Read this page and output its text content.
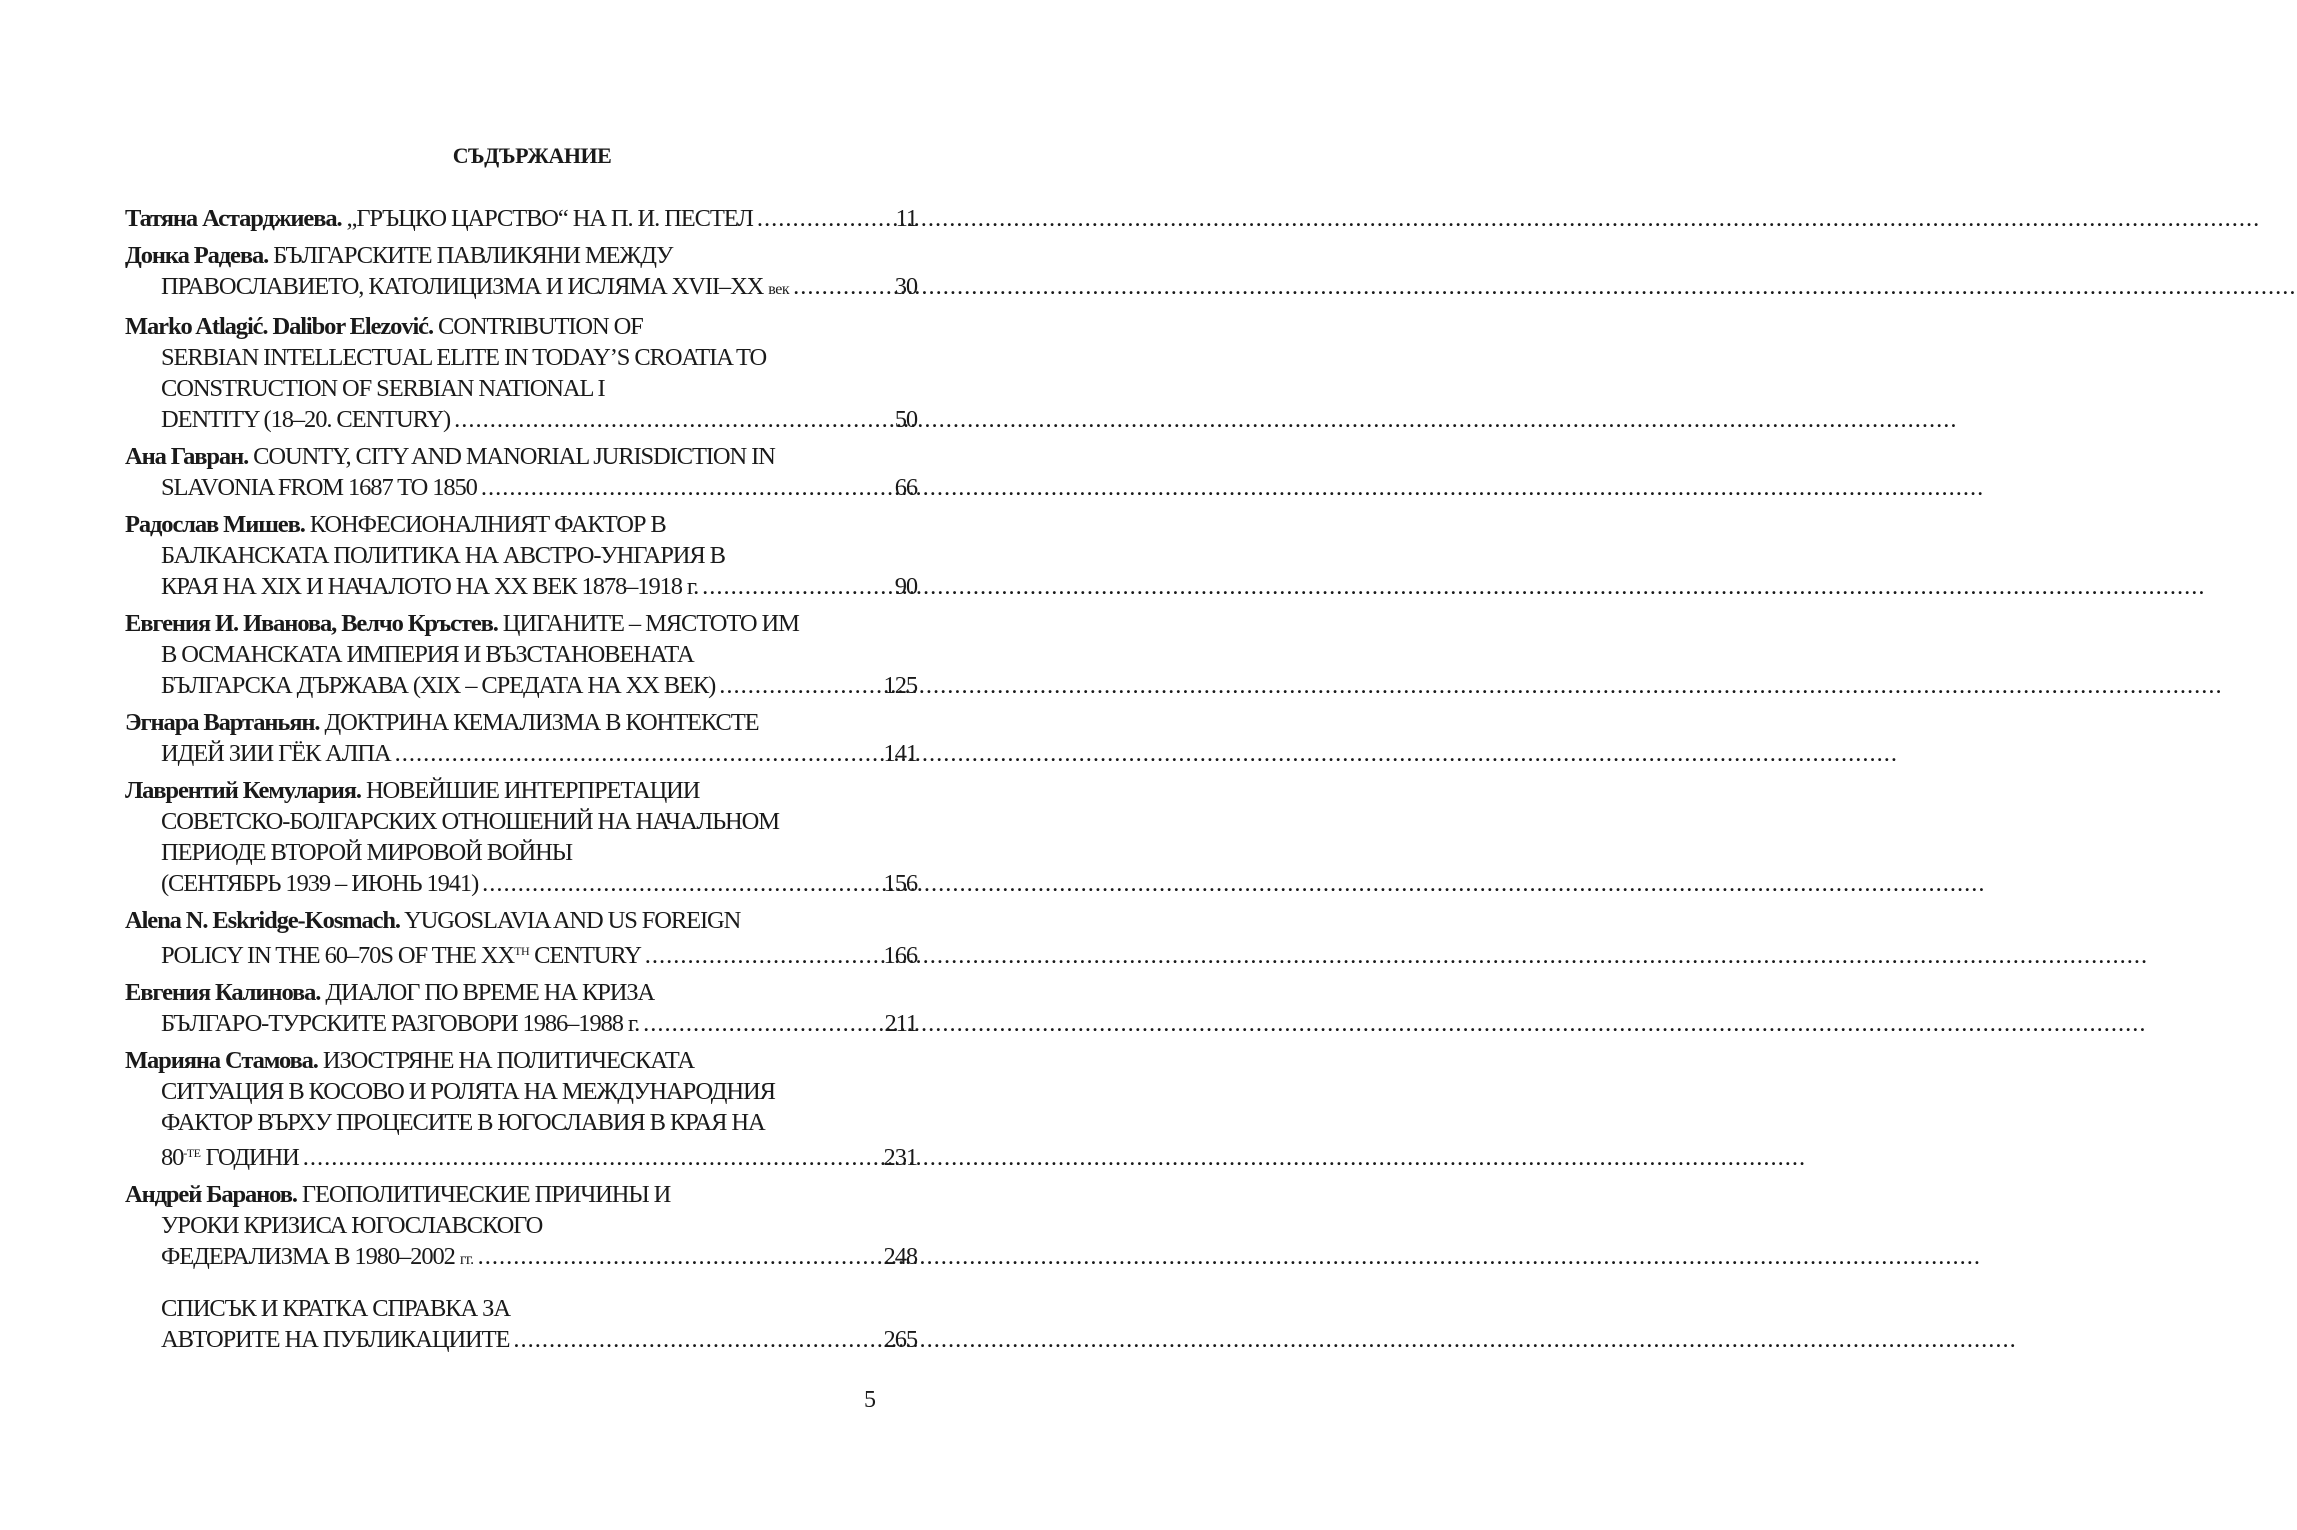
СЪДЪРЖАНИЕ
Татяна Астарджиева. „ГРЪЦКО ЦАРСТВО“ НА П. И. ПЕСТЕЛ .....	11
Донка Радева. БЪЛГАРСКИТЕ ПАВЛИКЯНИ МЕЖДУ
ПРАВОСЛАВИЕТО, КАТОЛИЦИЗМА И ИСЛЯМА XVII–XX век .....	30
Marko Atlagić. Dalibor Elezović. CONTRIBUTION OF
SERBIAN INTELLECTUAL ELITE IN TODAY’S CROATIA TO
CONSTRUCTION OF SERBIAN NATIONAL I
DENTITY (18–20. CENTURY) .....	50
Ана Гавран. COUNTY, CITY AND MANORIAL JURISDICTION IN
SLAVONIA FROM 1687 TO 1850 .....	66
Радослав Мишев. КОНФЕСИОНАЛНИЯТ ФАКТОР В
БАЛКАНСКАТА ПОЛИТИКА НА АВСТРО-УНГАРИЯ В
КРАЯ НА XIX И НАЧАЛОТО НА XX ВЕК 1878–1918 г. .....	90
Евгения И. Иванова, Велчо Кръстев. ЦИГАНИТЕ – МЯСТОТО ИМ
В ОСМАНСКАТА ИМПЕРИЯ И ВЪЗСТАНОВЕНАТА
БЪЛГАРСКА ДЪРЖАВА (XIX – СРЕДАТА НА XX ВЕК) .....	125
Эгнара Вартаньян. ДОКТРИНА КЕМАЛИЗМА В КОНТЕКСТЕ
ИДЕЙ ЗИИ ГЁК АЛПА .....	141
Лаврентий Кемулария. НОВЕЙШИЕ ИНТЕРПРЕТАЦИИ
СОВЕТСКО-БОЛГАРСКИХ ОТНОШЕНИЙ НА НАЧАЛЬНОМ
ПЕРИОДЕ ВТОРОЙ МИРОВОЙ ВОЙНЫ
(СЕНТЯБРЬ 1939 – ИЮНЬ 1941) .....	156
Alena N. Eskridge-Kosmach. YUGOSLAVIA AND US FOREIGN
POLICY IN THE 60–70S OF THE XXTH CENTURY .....	166
Евгения Калинова. ДИАЛОГ ПО ВРЕМЕ НА КРИЗА
БЪЛГАРО-ТУРСКИТЕ РАЗГОВОРИ 1986–1988 г. .....	211
Марияна Стамова. ИЗОСТРЯНЕ НА ПОЛИТИЧЕСКАТА
СИТУАЦИЯ В КОСОВО И РОЛЯТА НА МЕЖДУНАРОДНИЯ
ФАКТОР ВЪРХУ ПРОЦЕСИТЕ В ЮГОСЛАВИЯ В КРАЯ НА
$80^{-ТЕ}$ ГОДИНИ .....	231
Андрей Баранов. ГЕОПОЛИТИЧЕСКИЕ ПРИЧИНЫ И
УРОКИ КРИЗИСА ЮГОСЛАВСКОГО
ФЕДЕРАЛИЗМА В 1980–2002 гг. .....	248
СПИСЪК И КРАТКА СПРАВКА ЗА
АВТОРИТЕ НА ПУБЛИКАЦИИТЕ .....	265
5
